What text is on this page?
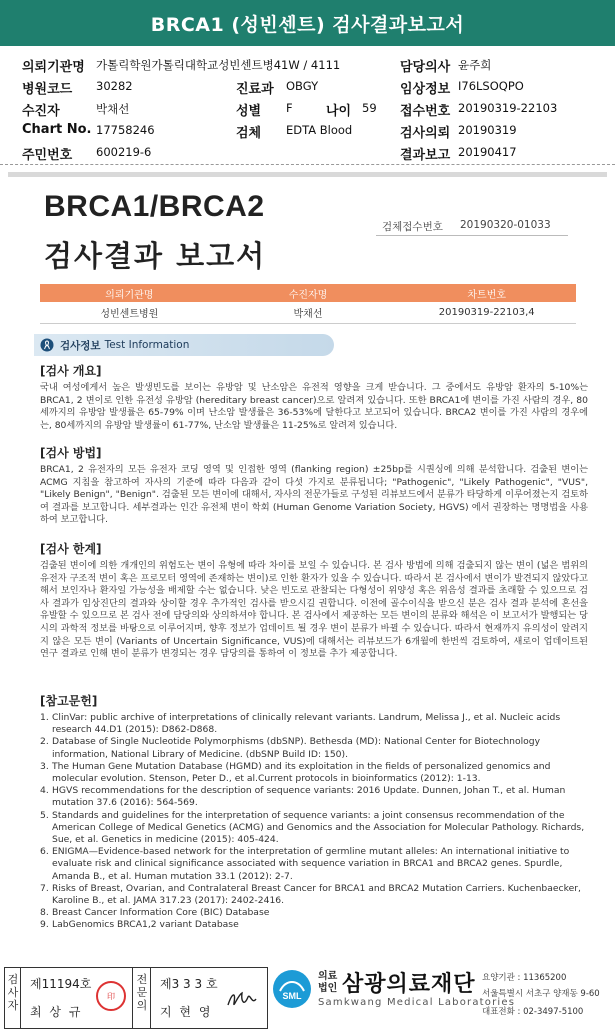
BRCA1 (성빈센트) 검사결과보고서
의뢰기관명 가톨릭학원가톨릭대학교성빈센트병41W / 4111	담당의사 윤주희
병원코드 30282	진료과 OBGY	임상정보 I76LSOQPO
수진자	박채선	성별 F	나이 59 접수번호 20190319-22103
Chart No. 17758246	검체 EDTA Blood	검사의뢰 20190319
주민번호 600219-6	결과보고 20190417
BRCA1/BRCA2
검사결과 보고서
검체접수번호 20190320-01033
의뢰기관명	수진자명	차트번호
성빈센트병원	박채선	20190319-22103,4
검사정보 Test Information
[검사 개요]
국내 여성에게서 높은 발생빈도를 보이는 유방암 및 난소암은 유전적 영향을 크게 받습니다. 그 중에서도 유방암 환자의 5-10%는 BRCA1, 2 변이로 인한 유전성 유방암 (hereditary breast cancer)으로 알려져 있습니다. 또한 BRCA1에 변이를 가진 사람의 경우, 80세까지의 유방암 발생률은 65-79% 이며 난소암 발생률은 36-53%에 달한다고 보고되어 있습니다. BRCA2 변이를 가진 사람의 경우에는, 80세까지의 유방암 발생률이 61-77%, 난소암 발생률은 11-25%로 알려져 있습니다.
[검사 방법]
BRCA1, 2 유전자의 모든 유전자 코딩 영역 및 인접한 영역 (flanking region) ±25bp를 시퀀싱에 의해 분석합니다. 검출된 변이는 ACMG 지침을 참고하여 자사의 기준에 따라 다음과 같이 다섯 가지로 분류됩니다; "Pathogenic", "Likely Pathogenic", "VUS", "Likely Benign", "Benign". 검출된 모든 변이에 대해서, 자사의 전문가들로 구성된 리뷰보드에서 분류가 타당하게 이루어졌는지 검토하여 결과를 보고합니다. 세부결과는 인간 유전체 변이 학회 (Human Genome Variation Society, HGVS) 에서 권장하는 명명법을 사용하여 보고합니다.
[검사 한계]
검출된 변이에 의한 개개인의 위험도는 변이 유형에 따라 차이를 보일 수 있습니다. 본 검사 방법에 의해 검출되지 않는 변이 (넓은 범위의 유전자 구조적 변이 혹은 프로모터 영역에 존재하는 변이)로 인한 환자가 있을 수 있습니다. 따라서 본 검사에서 변이가 발견되지 않았다고 해서 보인자나 환자일 가능성을 배제할 수는 없습니다. 낮은 빈도로 관찰되는 다형성이 위양성 혹은 위음성 결과를 초래할 수 있으므로 검사 결과가 임상진단의 결과와 상이할 경우 추가적인 검사를 받으시길 권합니다. 이전에 골수이식을 받으신 분은 검사 결과 분석에 혼선을 유발할 수 있으므로 본 검사 전에 담당의와 상의하셔야 합니다. 본 검사에서 제공하는 모든 변이의 분류와 해석은 이 보고서가 발행되는 당시의 과학적 정보를 바탕으로 이루어지며, 향후 정보가 업데이트 될 경우 변이 분류가 바뀔 수 있습니다. 따라서 현재까지 유의성이 알려지지 않은 모든 변이 (Variants of Uncertain Significance, VUS)에 대해서는 리뷰보드가 6개월에 한번씩 검토하여, 새로이 업데이트된 연구 결과로 인해 변이 분류가 변경되는 경우 담당의를 통하여 이 정보를 추가 제공합니다.
[참고문헌]
1. ClinVar: public archive of interpretations of clinically relevant variants. Landrum, Melissa J., et al. Nucleic acids research 44.D1 (2015): D862-D868.
2. Database of Single Nucleotide Polymorphisms (dbSNP). Bethesda (MD): National Center for Biotechnology information, National Library of Medicine. (dbSNP Build ID: 150).
3. The Human Gene Mutation Database (HGMD) and its exploitation in the fields of personalized genomics and molecular evolution. Stenson, Peter D., et al.Current protocols in bioinformatics (2012): 1-13.
4. HGVS recommendations for the description of sequence variants: 2016 Update. Dunnen, Johan T., et al. Human mutation 37.6 (2016): 564-569.
5. Standards and guidelines for the interpretation of sequence variants: a joint consensus recommendation of the American College of Medical Genetics (ACMG) and Genomics and the Association for Molecular Pathology. Richards, Sue, et al. Genetics in medicine (2015): 405-424.
6. ENIGMA—Evidence-based network for the interpretation of germline mutant alleles: An international initiative to evaluate risk and clinical significance associated with sequence variation in BRCA1 and BRCA2 genes. Spurdle, Amanda B., et al. Human mutation 33.1 (2012): 2-7.
7. Risks of Breast, Ovarian, and Contralateral Breast Cancer for BRCA1 and BRCA2 Mutation Carriers. Kuchenbaecker, Karoline B., et al. JAMA 317.23 (2017): 2402-2416.
8. Breast Cancer Information Core (BIC) Database
9. LabGenomics BRCA1,2 variant Database
검사자
제11194호
최 상 규
印
전문의
제3 3 3 호
지 현 영
SML
의료법인 삼광의료재단
Samkwang Medical Laboratories
요양기관 : 11365200
서울특별시 서초구 양재동 9-60
대표전화 : 02-3497-5100
